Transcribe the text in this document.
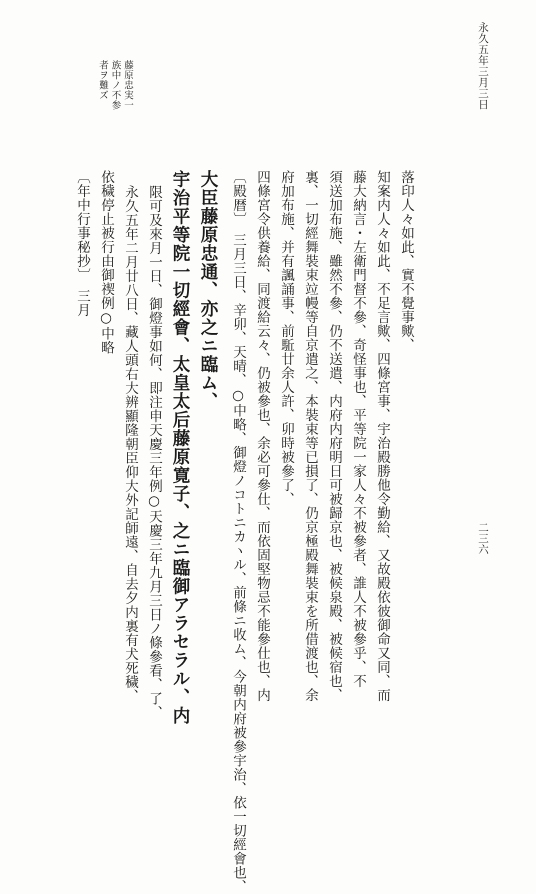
永久五年三月三日
二三六
藤原忠実一
族中ノ不参
者ヲ難ズ
〔年中行事秘抄〕　三月 依穢停止被行由御禊例○中略 永久五年二月廿八日、藏人頭右大辨顯隆朝臣仰大外記師遠、自去夕内裏有犬死穢、 限可及來月一日、御燈事如何、即注申天慶三年例○天慶三年九月三日ノ條參看、了、 宇治平等院一切經會、太皇太后藤原寛子、之ニ臨御アラセラル、内 大臣藤原忠通、亦之ニ臨ム、 〔殿暦〕　三月三日、辛卯、天晴、○中略、御燈ノコトニカヽル、前條ニ收ム、今朝内府被參宇治、依一切經會也、 四條宮令供養給、同渡給云々、仍被參也、余必可參仕、而依固堅物忌不能參仕也、内 府加布施、并有諷誦事、前駈廿余人許、卯時被參了、 裏、一切經舞裝束竝幔等自京遣之、本裝束等已損了、仍京極殿舞裝束を所借渡也、余 須送加布施、雖然不參、仍不送遣、内府内府明日可被歸京也、被候泉殿、被候宿也、 藤大納言・左衛門督不參、奇怪事也、平等院一家人々不被參者、誰人不被參乎、不 知案内人々如此、不足言歟、四條宮事、宇治殿勝他令勤給、又故殿依彼御命又同、而 落印人々如此、實不覺事歟、
